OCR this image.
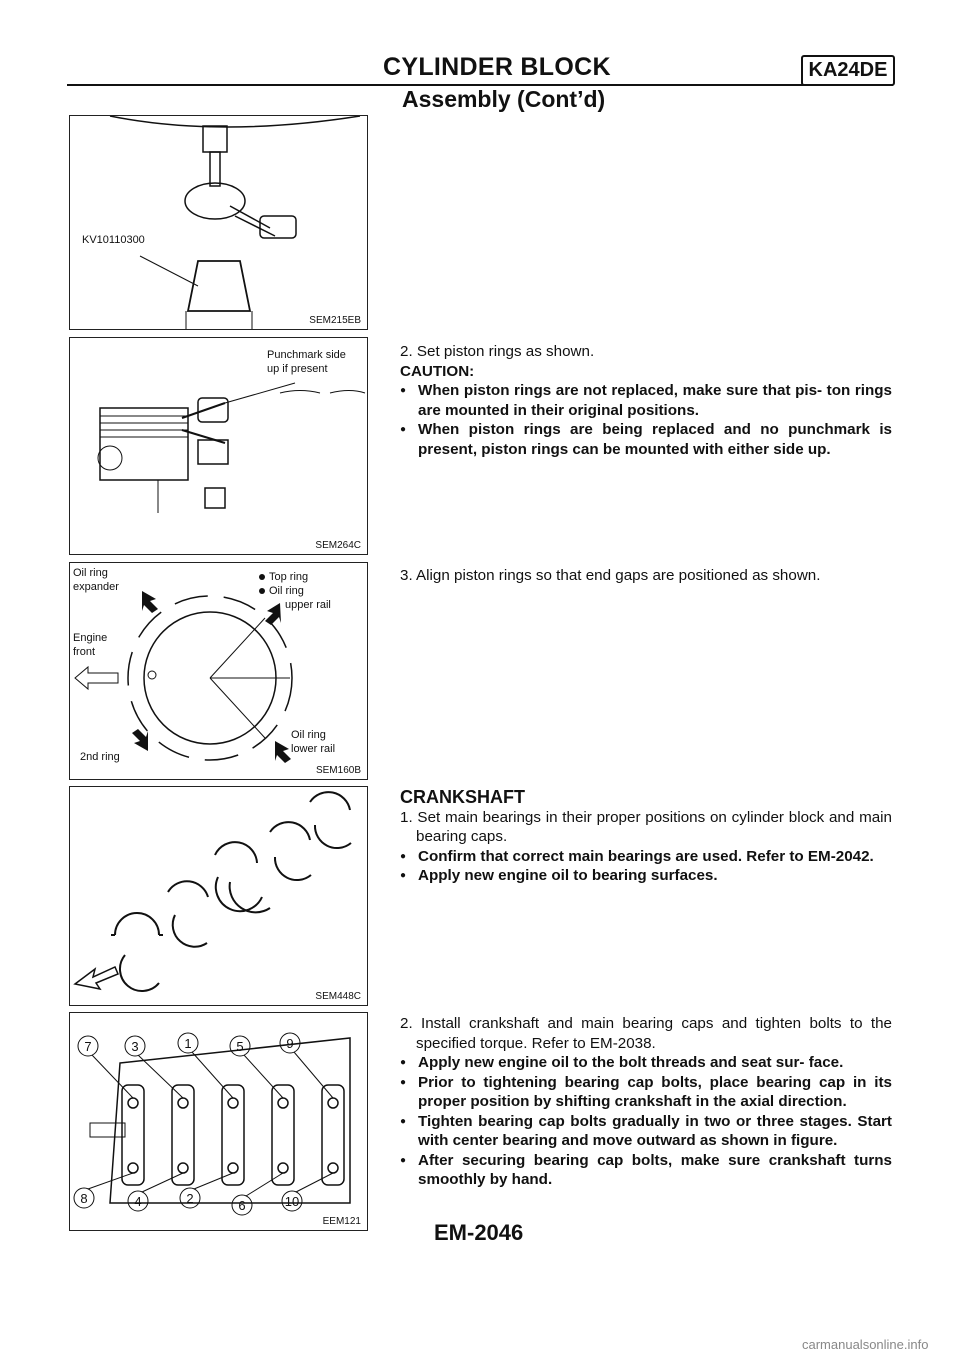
CYLINDER BLOCK	KA24DE
Assembly (Cont’d)
KV10110300
SEM215EB
Punchmark side
up if present
SEM264C
Oil ring
expander
Top ring
Oil ring
upper rail
Engine
front
2nd ring
Oil ring
lower rail
SEM160B
SEM448C
7	3	1	5	9
8	4	2	6	10
EEM121

2. Set piston rings as shown.

CAUTION:

● When piston rings are not replaced, make sure that pis- ton rings are mounted in their original positions.

● When piston rings are being replaced and no punchmark is present, piston rings can be mounted with either side up.

3. Align piston rings so that end gaps are positioned as shown.

CRANKSHAFT

1. Set main bearings in their proper positions on cylinder block and main bearing caps.

● Confirm that correct main bearings are used. Refer to EM-2042.

● Apply new engine oil to bearing surfaces.

2. Install crankshaft and main bearing caps and tighten bolts to the specified torque. Refer to EM-2038.

● Apply new engine oil to the bolt threads and seat sur- face.

● Prior to tightening bearing cap bolts, place bearing cap in its proper position by shifting crankshaft in the axial direction.

● Tighten bearing cap bolts gradually in two or three stages. Start with center bearing and move outward as shown in figure.

● After securing bearing cap bolts, make sure crankshaft turns smoothly by hand.

EM-2046
carmanualsonline.info
